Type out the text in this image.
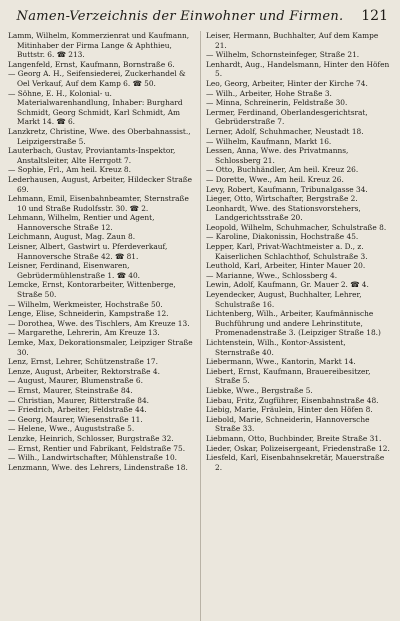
Namen-Verzeichnis der Einwohner und Firmen.	121

Lamm, Wilhelm, Kommerzienrat und Kaufmann, Mitinhaber der Firma Lange & Aphthieu, Buttstr. 6. ☎ 213.

Langenfeld, Ernst, Kaufmann, Bornstraße 6.

— Georg A. H., Seifensiederei, Zuckerhandel & Oel Verkauf, Auf dem Kamp 6. ☎ 50.

— Söhne, E. H., Kolonial- u. Materialwarenhandlung, Inhaber: Burghard Schmidt, Georg Schmidt, Karl Schmidt, Am Markt 14. ☎ 6.

Lanzkretz, Christine, Wwe. des Oberbahnassist., Leipzigerstraße 5.

Lauterbach, Gustav, Proviantamts-Inspektor, Anstaltsleiter, Alte Herrgott 7.

— Sophie, Frl., Am heil. Kreuz 8.

Lederhausen, August, Arbeiter, Hildecker Straße 69.

Lehmann, Emil, Eisenbahnbeamter, Sternstraße 10 und Straße Rudolfsstr. 30. ☎ 2.

Lehmann, Wilhelm, Rentier und Agent, Hannoversche Straße 12.

Leichmann, August, Mag. Zaun 8.

Leisner, Albert, Gastwirt u. Pferdeverkauf, Hannoversche Straße 42. ☎ 81.

Leisner, Ferdinand, Eisenwaren, Gebrüdermühlenstraße 1. ☎ 40.

Lemcke, Ernst, Kontorarbeiter, Wittenberge, Straße 50.

— Wilhelm, Werkmeister, Hochstraße 50.

Lenge, Elise, Schneiderin, Kampstraße 12.

— Dorothea, Wwe. des Tischlers, Am Kreuze 13.

— Margarethe, Lehrerin, Am Kreuze 13.

Lemke, Max, Dekorationsmaler, Leipziger Straße 30.

Lenz, Ernst, Lehrer, Schützenstraße 17.

Lenze, August, Arbeiter, Rektorstraße 4.

— August, Maurer, Blumenstraße 6.

— Ernst, Maurer, Steinstraße 84.

— Christian, Maurer, Ritterstraße 84.

— Friedrich, Arbeiter, Feldstraße 44.

— Georg, Maurer, Wiesenstraße 11.

— Helene, Wwe., Auguststraße 5.

Lenzke, Heinrich, Schlosser, Burgstraße 32.

— Ernst, Rentier und Fabrikant, Feldstraße 75.

— Wilh., Landwirtschafter, Mühlenstraße 10.

Lenzmann, Wwe. des Lehrers, Lindenstraße 18.

Leiser, Hermann, Buchhalter, Auf dem Kampe 21.

— Wilhelm, Schornsteinfeger, Straße 21.

Lenhardt, Aug., Handelsmann, Hinter den Höfen 5.

Leo, Georg, Arbeiter, Hinter der Kirche 74.

— Wilh., Arbeiter, Hohe Straße 3.

— Minna, Schreinerin, Feldstraße 30.

Lermer, Ferdinand, Oberlandesgerichtsrat, Gebrüderstraße 7.

Lerner, Adolf, Schuhmacher, Neustadt 18.

— Wilhelm, Kaufmann, Markt 16.

Lessen, Anna, Wwe. des Privatmanns, Schlossberg 21.

— Otto, Buchhändler, Am heil. Kreuz 26.

— Dorette, Wwe., Am heil. Kreuz 26.

Levy, Robert, Kaufmann, Tribunalgasse 34.

Lieger, Otto, Wirtschafter, Bergstraße 2.

Leonhardt, Wwe. des Stationsvorstehers, Landgerichtsstraße 20.

Leopold, Wilhelm, Schuhmacher, Schulstraße 8.

— Karoline, Diakonissin, Hochstraße 45.

Lepper, Karl, Privat-Wachtmeister a. D., z. Kaiserlichen Schlachthof, Schulstraße 3.

Leuthold, Karl, Arbeiter, Hinter Mauer 20.

— Marianne, Wwe., Schlossberg 4.

Lewin, Adolf, Kaufmann, Gr. Mauer 2. ☎ 4.

Leyendecker, August, Buchhalter, Lehrer, Schulstraße 16.

Lichtenberg, Wilh., Arbeiter, Kaufmännische Buchführung und andere Lehrinstitute, Promenadenstraße 3. (Leipziger Straße 18.)

Lichtenstein, Wilh., Kontor-Assistent, Sternstraße 40.

Liebermann, Wwe., Kantorin, Markt 14.

Liebert, Ernst, Kaufmann, Brauereibesitzer, Straße 5.

Liebke, Wwe., Bergstraße 5.

Liebau, Fritz, Zugführer, Eisenbahnstraße 48.

Liebig, Marie, Fräulein, Hinter den Höfen 8.

Liebold, Marie, Schneiderin, Hannoversche Straße 33.

Liebmann, Otto, Buchbinder, Breite Straße 31.

Lieder, Oskar, Polizeisergeant, Friedenstraße 12.

Liesfeld, Karl, Eisenbahnsekretär, Mauerstraße 2.
